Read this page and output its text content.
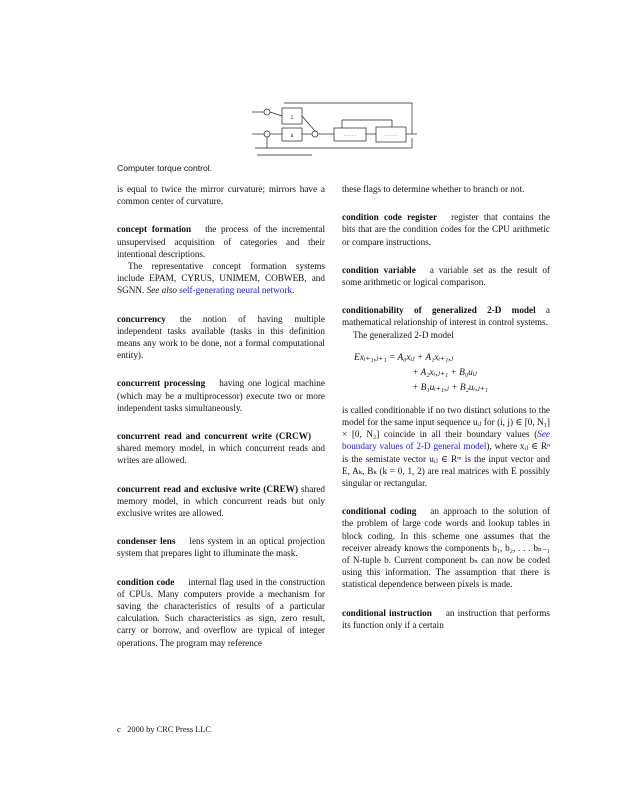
1
b	· · · · ·	· · · · ·
Computer torque control.

is equal to twice the mirror curvature; mirrors have a common center of curvature.

concept formation the process of the incremental unsupervised acquisition of categories and their intentional descriptions.

The representative concept formation systems include EPAM, CYRUS, UNIMEM, COBWEB, and SGNN. See also self-generating neural network.

concurrency the notion of having multiple independent tasks available (tasks in this definition means any work to be done, not a formal computational entity).

concurrent processing having one logical machine (which may be a multiprocessor) execute two or more independent tasks simultaneously.

concurrent read and concurrent write (CRCW)shared memory model, in which concurrent reads and writes are allowed.

concurrent read and exclusive write (CREW) shared memory model, in which concurrent reads but only exclusive writes are allowed.

condenser lens lens system in an optical projection system that prepares light to illuminate the mask.

condition code internal flag used in the construction of CPUs. Many computers provide a mechanism for saving the characteristics of results of a particular calculation. Such characteristics as sign, zero result, carry or borrow, and overflow are typical of integer operations. The program may reference

these flags to determine whether to branch or not.

condition code register register that contains the bits that are the condition codes for the CPU arithmetic or compare instructions.

condition variable a variable set as the result of some arithmetic or logical comparison.

conditionability of generalized 2-D model a mathematical relationship of interest in control systems.

The generalized 2-D model

Exᵢ₊₁,ⱼ₊₁ = A₀xᵢⱼ + A₁xᵢ₊₁,ⱼ
+ A₂xᵢ,ⱼ₊₁ + B₀uᵢⱼ
+ B₁uᵢ₊₁,ⱼ + B₂uᵢ,ⱼ₊₁

is called conditionable if no two distinct solutions to the model for the same input sequence uᵢⱼ for (i, j) ∈ [0, N₁] × [0, N₂] coincide in all their boundary values (See boundary values of 2-D general model), where xᵢⱼ ∈ Rⁿ is the semistate vector uᵢⱼ ∈ Rᵐ is the input vector and E, Aₖ, Bₖ (k = 0, 1, 2) are real matrices with E possibly singular or rectangular.

conditional coding an approach to the solution of the problem of large code words and lookup tables in block coding. In this scheme one assumes that the receiver already knows the components b₁, b₂, . . . bₙ₋₁ of N-tuple b. Current component bₙ can now be coded using this information. The assumption that there is statistical dependence between pixels is made.

conditional instruction an instruction that performs its function only if a certain

c⃝2000 by CRC Press LLC
